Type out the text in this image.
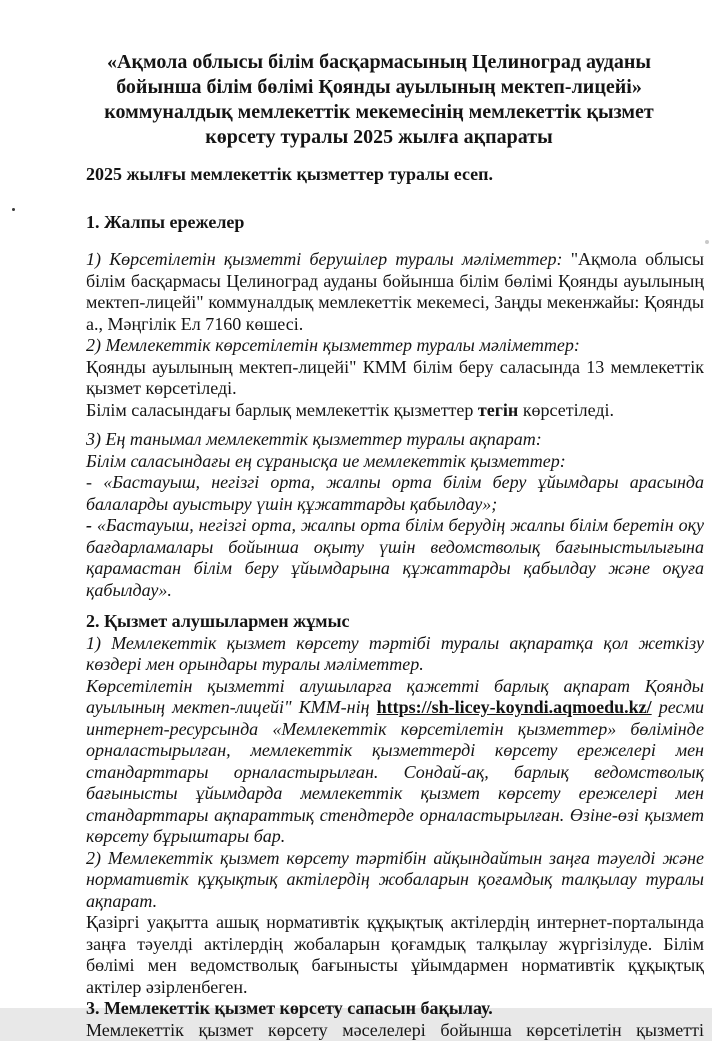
«Ақмола облысы білім басқармасының Целиноград ауданы бойынша білім бөлімі Қоянды ауылының мектеп-лицейі» коммуналдық мемлекеттік мекемесінің мемлекеттік қызмет көрсету туралы 2025 жылға ақпараты

2025 жылғы мемлекеттік қызметтер туралы есеп.

1. Жалпы ережелер

1) Көрсетілетін қызметті берушілер туралы мәліметтер: "Ақмола облысы білім басқармасы Целиноград ауданы бойынша білім бөлімі Қоянды ауылының мектеп-лицейі" коммуналдық мемлекеттік мекемесі, Заңды мекенжайы: Қоянды а., Мәңгілік Ел 7160 көшесі.

2) Мемлекеттік көрсетілетін қызметтер туралы мәліметтер:

Қоянды ауылының мектеп-лицейі" КММ білім беру саласында 13 мемлекеттік қызмет көрсетіледі.

Білім саласындағы барлық мемлекеттік қызметтер тегін көрсетіледі.

3) Ең танымал мемлекеттік қызметтер туралы ақпарат:

Білім саласындағы ең сұранысқа ие мемлекеттік қызметтер:

- «Бастауыш, негізгі орта, жалпы орта білім беру ұйымдары арасында балаларды ауыстыру үшін құжаттарды қабылдау»;

- «Бастауыш, негізгі орта, жалпы орта білім берудің жалпы білім беретін оқу бағдарламалары бойынша оқыту үшін ведомстволық бағыныстылығына қарамастан білім беру ұйымдарына құжаттарды қабылдау және оқуға қабылдау».

2. Қызмет алушылармен жұмыс

1) Мемлекеттік қызмет көрсету тәртібі туралы ақпаратқа қол жеткізу көздері мен орындары туралы мәліметтер.

Көрсетілетін қызметті алушыларға қажетті барлық ақпарат Қоянды ауылының мектеп-лицейі" КММ-нің https://sh-licey-koyndi.aqmoedu.kz/ ресми интернет-ресурсында «Мемлекеттік көрсетілетін қызметтер» бөлімінде орналастырылған, мемлекеттік қызметтерді көрсету ережелері мен стандарттары орналастырылған. Сондай-ақ, барлық ведомстволық бағынысты ұйымдарда мемлекеттік қызмет көрсету ережелері мен стандарттары ақпараттық стендтерде орналастырылған. Өзіне-өзі қызмет көрсету бұрыштары бар.

2) Мемлекеттік қызмет көрсету тәртібін айқындайтын заңға тәуелді және нормативтік құқықтық актілердің жобаларын қоғамдық талқылау туралы ақпарат.

Қазіргі уақытта ашық нормативтік құқықтық актілердің интернет-порталында заңға тәуелді актілердің жобаларын қоғамдық талқылау жүргізілуде. Білім бөлімі мен ведомстволық бағынысты ұйымдармен нормативтік құқықтық актілер әзірленбеген.

3. Мемлекеттік қызмет көрсету сапасын бақылау.

Мемлекеттік қызмет көрсету мәселелері бойынша көрсетілетін қызметті
